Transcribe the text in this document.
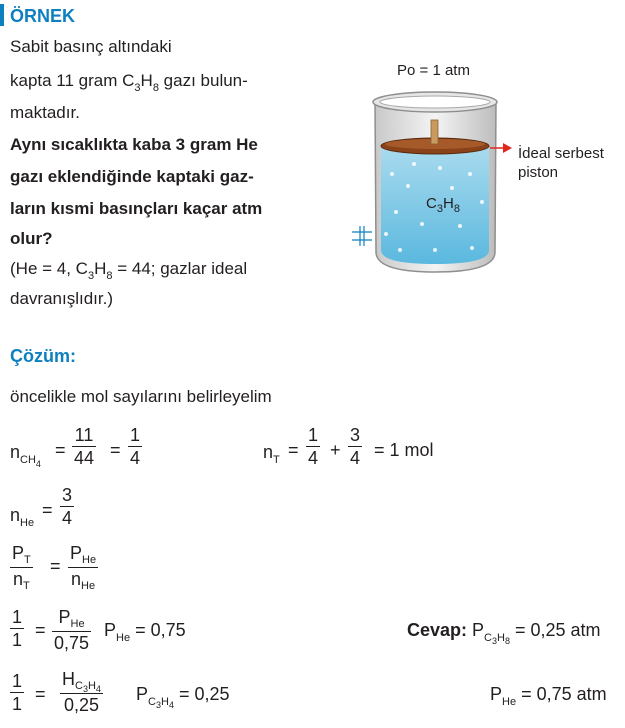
ÖRNEK
Sabit basınç altındaki
kapta 11 gram $C_3H_8$ gazı bulun-
maktadır.
Aynı sıcaklıkta kaba 3 gram He
gazı eklendiğinde kaptaki gaz-
ların kısmi basınçları kaçar atm
olur?
(He = 4, $C_3H_8 = 44$; gazlar ideal
davranışlıdır.)
Po = 1 atm
$C_3H_8$
İdeal serbest
piston
Çözüm:
öncelikle mol sayılarını belirleyelim
$n_{CH4}$
= $\frac{11}{44} = \frac{1}{4}$	$n_T = \frac{1}{4} + \frac{3}{4} = 1$ mol
$n_{He}$
= $\frac{3}{4}$
$\frac{P_T}{n_T}$ =
$P_{He}$
$n_{He}$
$\frac{1}{1}$ =
$P_{He}$
0,75
$P_{He} = 0,75$	Cevap: $P_{C3H8} = 0,25$ atm
$\frac{1}{1} = \frac{H_{C3H4}}{0,25} P_{C3H4} = 0,25$	$P_{He} = 0,75$ atm
